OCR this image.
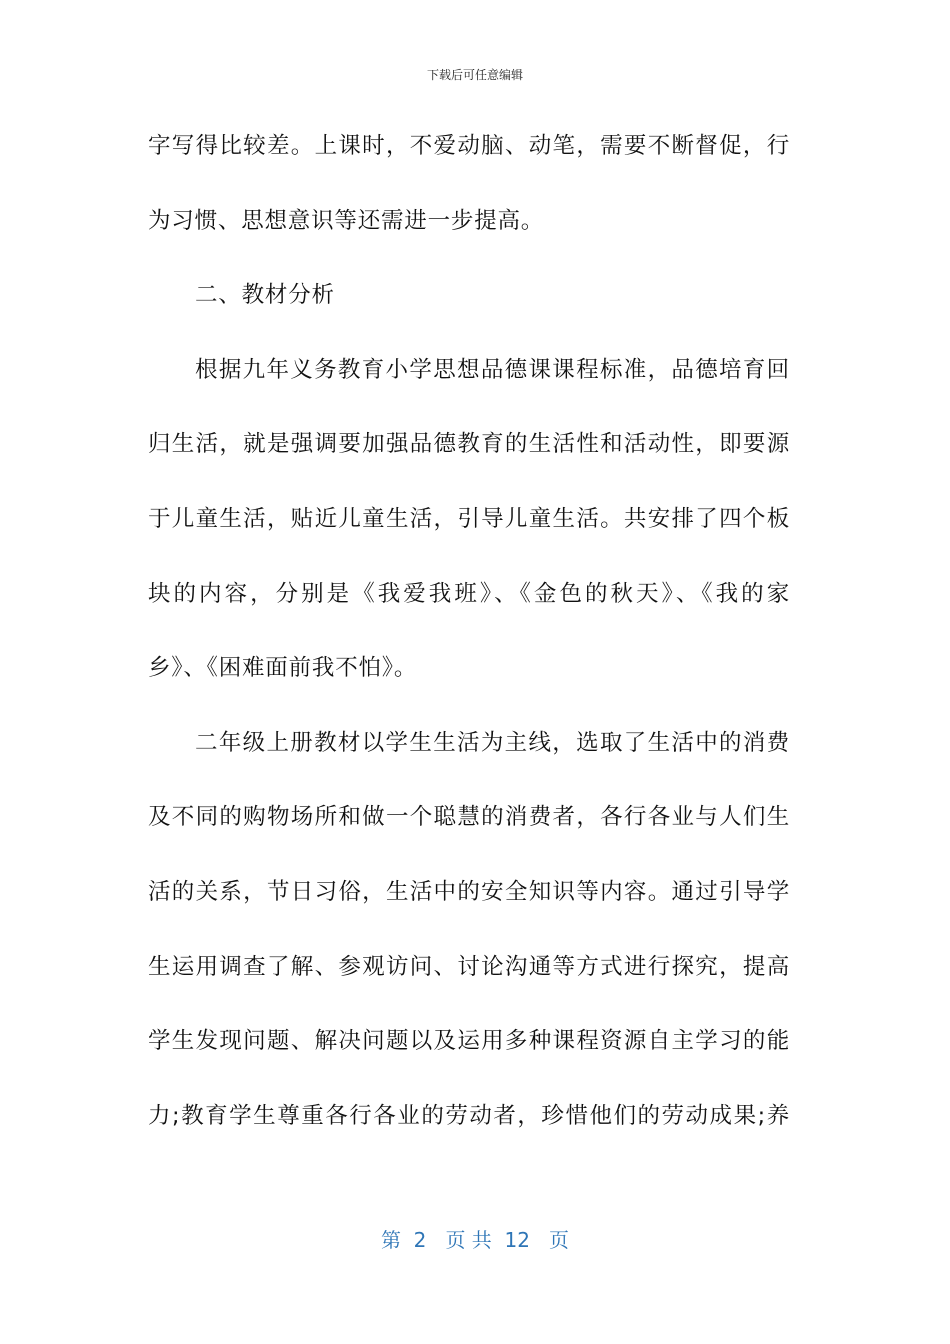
下载后可任意编辑
字写得比较差。上课时，不爱动脑、动笔，需要不断督促，行
为习惯、思想意识等还需进一步提高。
二、教材分析
根据九年义务教育小学思想品德课课程标准，品德培育回
归生活，就是强调要加强品德教育的生活性和活动性，即要源
于儿童生活，贴近儿童生活，引导儿童生活。共安排了四个板
块的内容，分别是《我爱我班》、《金色的秋天》、《我的家
乡》、《困难面前我不怕》。
二年级上册教材以学生生活为主线，选取了生活中的消费
及不同的购物场所和做一个聪慧的消费者，各行各业与人们生
活的关系，节日习俗，生活中的安全知识等内容。通过引导学
生运用调查了解、参观访问、讨论沟通等方式进行探究，提高
学生发现问题、解决问题以及运用多种课程资源自主学习的能
力;教育学生尊重各行各业的劳动者，珍惜他们的劳动成果;养
第  2   页 共  12   页
